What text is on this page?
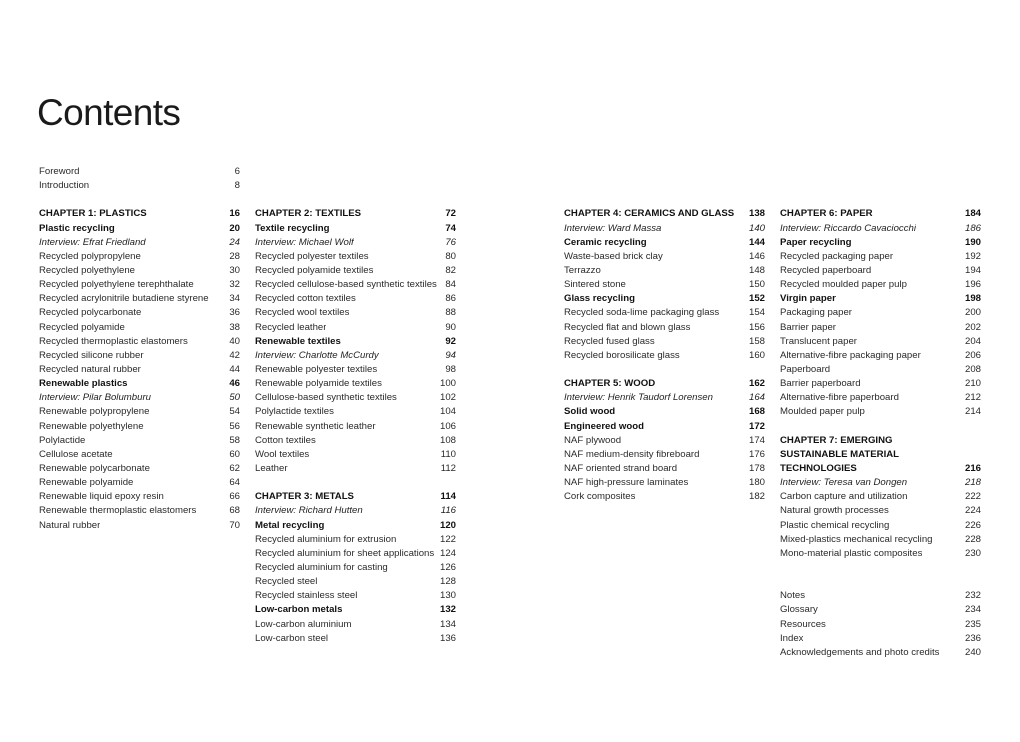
Contents
Foreword	6
Introduction	8
CHAPTER 1: PLASTICS	16
Plastic recycling	20
Interview: Efrat Friedland	24
Recycled polypropylene	28
Recycled polyethylene	30
Recycled polyethylene terephthalate	32
Recycled acrylonitrile butadiene styrene	34
Recycled polycarbonate	36
Recycled polyamide	38
Recycled thermoplastic elastomers	40
Recycled silicone rubber	42
Recycled natural rubber	44
Renewable plastics	46
Interview: Pilar Bolumburu	50
Renewable polypropylene	54
Renewable polyethylene	56
Polylactide	58
Cellulose acetate	60
Renewable polycarbonate	62
Renewable polyamide	64
Renewable liquid epoxy resin	66
Renewable thermoplastic elastomers	68
Natural rubber	70
CHAPTER 2: TEXTILES	72
Textile recycling	74
Interview: Michael Wolf	76
Recycled polyester textiles	80
Recycled polyamide textiles	82
Recycled cellulose-based synthetic textiles 84
Recycled cotton textiles	86
Recycled wool textiles	88
Recycled leather	90
Renewable textiles	92
Interview: Charlotte McCurdy	94
Renewable polyester textiles	98
Renewable polyamide textiles	100
Cellulose-based synthetic textiles	102
Polylactide textiles	104
Renewable synthetic leather	106
Cotton textiles	108
Wool textiles	110
Leather	112
CHAPTER 3: METALS	114
Interview: Richard Hutten	116
Metal recycling	120
Recycled aluminium for extrusion	122
Recycled aluminium for sheet applications 124
Recycled aluminium for casting	126
Recycled steel	128
Recycled stainless steel	130
Low-carbon metals	132
Low-carbon aluminium	134
Low-carbon steel	136
CHAPTER 4: CERAMICS AND GLASS	138
Interview: Ward Massa	140
Ceramic recycling	144
Waste-based brick clay	146
Terrazzo	148
Sintered stone	150
Glass recycling	152
Recycled soda-lime packaging glass	154
Recycled flat and blown glass	156
Recycled fused glass	158
Recycled borosilicate glass	160
CHAPTER 5: WOOD	162
Interview: Henrik Taudorf Lorensen	164
Solid wood	168
Engineered wood	172
NAF plywood	174
NAF medium-density fibreboard	176
NAF oriented strand board	178
NAF high-pressure laminates	180
Cork composites	182
CHAPTER 6: PAPER	184
Interview: Riccardo Cavaciocchi	186
Paper recycling	190
Recycled packaging paper	192
Recycled paperboard	194
Recycled moulded paper pulp	196
Virgin paper	198
Packaging paper	200
Barrier paper	202
Translucent paper	204
Alternative-fibre packaging paper	206
Paperboard	208
Barrier paperboard	210
Alternative-fibre paperboard	212
Moulded paper pulp	214
CHAPTER 7: EMERGING
SUSTAINABLE MATERIAL
TECHNOLOGIES	216
Interview: Teresa van Dongen	218
Carbon capture and utilization	222
Natural growth processes	224
Plastic chemical recycling	226
Mixed-plastics mechanical recycling	228
Mono-material plastic composites	230
Notes	232
Glossary	234
Resources	235
Index	236
Acknowledgements and photo credits	240
